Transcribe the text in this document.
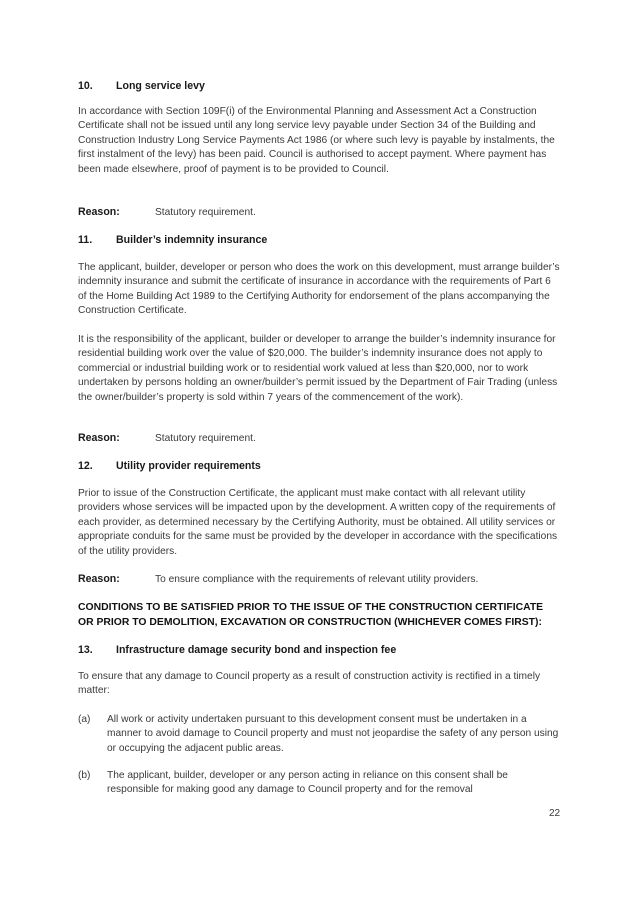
10. Long service levy

In accordance with Section 109F(i) of the Environmental Planning and Assessment Act a Construction Certificate shall not be issued until any long service levy payable under Section 34 of the Building and Construction Industry Long Service Payments Act 1986 (or where such levy is payable by instalments, the first instalment of the levy) has been paid. Council is authorised to accept payment. Where payment has been made elsewhere, proof of payment is to be provided to Council.

Reason:	Statutory requirement.
11. Builder’s indemnity insurance

The applicant, builder, developer or person who does the work on this development, must arrange builder’s indemnity insurance and submit the certificate of insurance in accordance with the requirements of Part 6 of the Home Building Act 1989 to the Certifying Authority for endorsement of the plans accompanying the Construction Certificate.

It is the responsibility of the applicant, builder or developer to arrange the builder’s indemnity insurance for residential building work over the value of $20,000. The builder’s indemnity insurance does not apply to commercial or industrial building work or to residential work valued at less than $20,000, nor to work undertaken by persons holding an owner/builder’s permit issued by the Department of Fair Trading (unless the owner/builder’s property is sold within 7 years of the commencement of the work).

Reason:	Statutory requirement.
12. Utility provider requirements

Prior to issue of the Construction Certificate, the applicant must make contact with all relevant utility providers whose services will be impacted upon by the development. A written copy of the requirements of each provider, as determined necessary by the Certifying Authority, must be obtained. All utility services or appropriate conduits for the same must be provided by the developer in accordance with the specifications of the utility providers.

Reason:	To ensure compliance with the requirements of relevant utility providers.

CONDITIONS TO BE SATISFIED PRIOR TO THE ISSUE OF THE CONSTRUCTION CERTIFICATE OR PRIOR TO DEMOLITION, EXCAVATION OR CONSTRUCTION (WHICHEVER COMES FIRST):

13. Infrastructure damage security bond and inspection fee

To ensure that any damage to Council property as a result of construction activity is rectified in a timely matter:

(a) All work or activity undertaken pursuant to this development consent must be undertaken in a manner to avoid damage to Council property and must not jeopardise the safety of any person using or occupying the adjacent public areas.
(b) The applicant, builder, developer or any person acting in reliance on this consent shall be responsible for making good any damage to Council property and for the removal
22
